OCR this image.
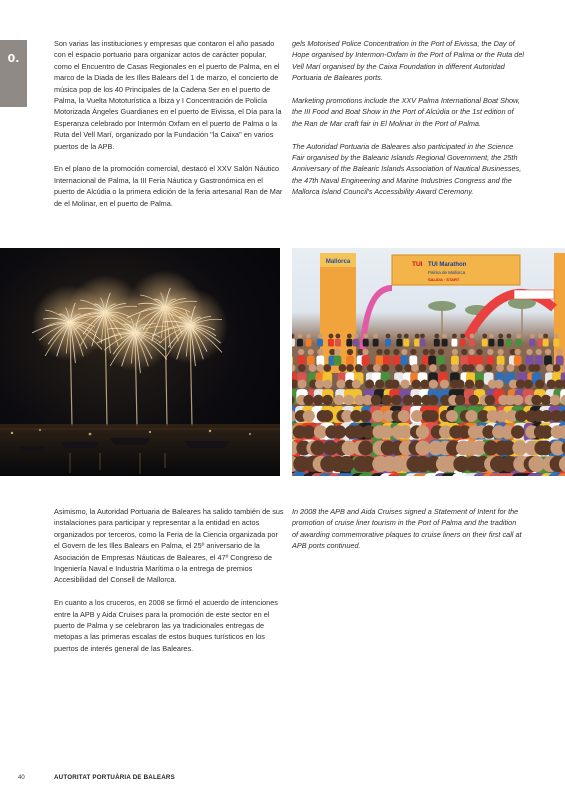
0.

Son varias las instituciones y empresas que contaron el año pasado con el espacio portuario para organizar actos de carácter popular, como el Encuentro de Casas Regionales en el puerto de Palma, en el marco de la Diada de les Illes Balears del 1 de marzo, el concierto de música pop de los 40 Principales de la Cadena Ser en el puerto de Palma, la Vuelta Mototurística a Ibiza y I Concentración de Policía Motorizada Ángeles Guardianes en el puerto de Eivissa, el Día para la Esperanza celebrado por Intermón Oxfam en el puerto de Palma o la Ruta del Vell Marí, organizado por la Fundación "la Caixa" en varios puertos de la APB.

En el plano de la promoción comercial, destacó el XXV Salón Náutico Internacional de Palma, la III Feria Náutica y Gastronómica en el puerto de Alcúdia o la primera edición de la feria artesanal Ran de Mar de el Molinar, en el puerto de Palma.

gels Motorised Police Concentration in the Port of Eivissa, the Day of Hope organised by Intermon-Oxfam in the Port of Palma or the Ruta del Vell Marí organised by the Caixa Foundation in different Autoridad Portuaria de Baleares ports.

Marketing promotions include the XXV Palma International Boat Show, the III Food and Boat Show in the Port of Alcúdia or the 1st edition of the Ran de Mar craft fair in El Molinar in the Port of Palma.

The Autoridad Portuaria de Baleares also participated in the Science Fair organised by the Balearic Islands Regional Government, the 25th Anniversary of the Balearic Islands Association of Nautical Businesses, the 47th Naval Engineering and Marine Industries Congress and the Mallorca Island Council's Accessibility Award Ceremony.

Mallorca	TUI TUI Marathon
Palma de Mallorca
SALIDA · START

Asimismo, la Autoridad Portuaria de Baleares ha salido también de sus instalaciones para participar y representar a la entidad en actos organizados por terceros, como la Feria de la Ciencia organizada por el Govern de les Illes Balears en Palma, el 25º aniversario de la Asociación de Empresas Náuticas de Baleares, el 47º Congreso de Ingeniería Naval e Industria Marítima o la entrega de premios Accesibilidad del Consell de Mallorca.

En cuanto a los cruceros, en 2008 se firmó el acuerdo de intenciones entre la APB y Aida Cruises para la promoción de este sector en el puerto de Palma y se celebraron las ya tradicionales entregas de metopas a las primeras escalas de estos buques turísticos en los puertos de interés general de las Baleares.

In 2008 the APB and Aida Cruises signed a Statement of Intent for the promotion of cruise liner tourism in the Port of Palma and the tradition of awarding commemorative plaques to cruise liners on their first call at APB ports continued.

40	AUTORITAT PORTUÀRIA DE BALEARS
